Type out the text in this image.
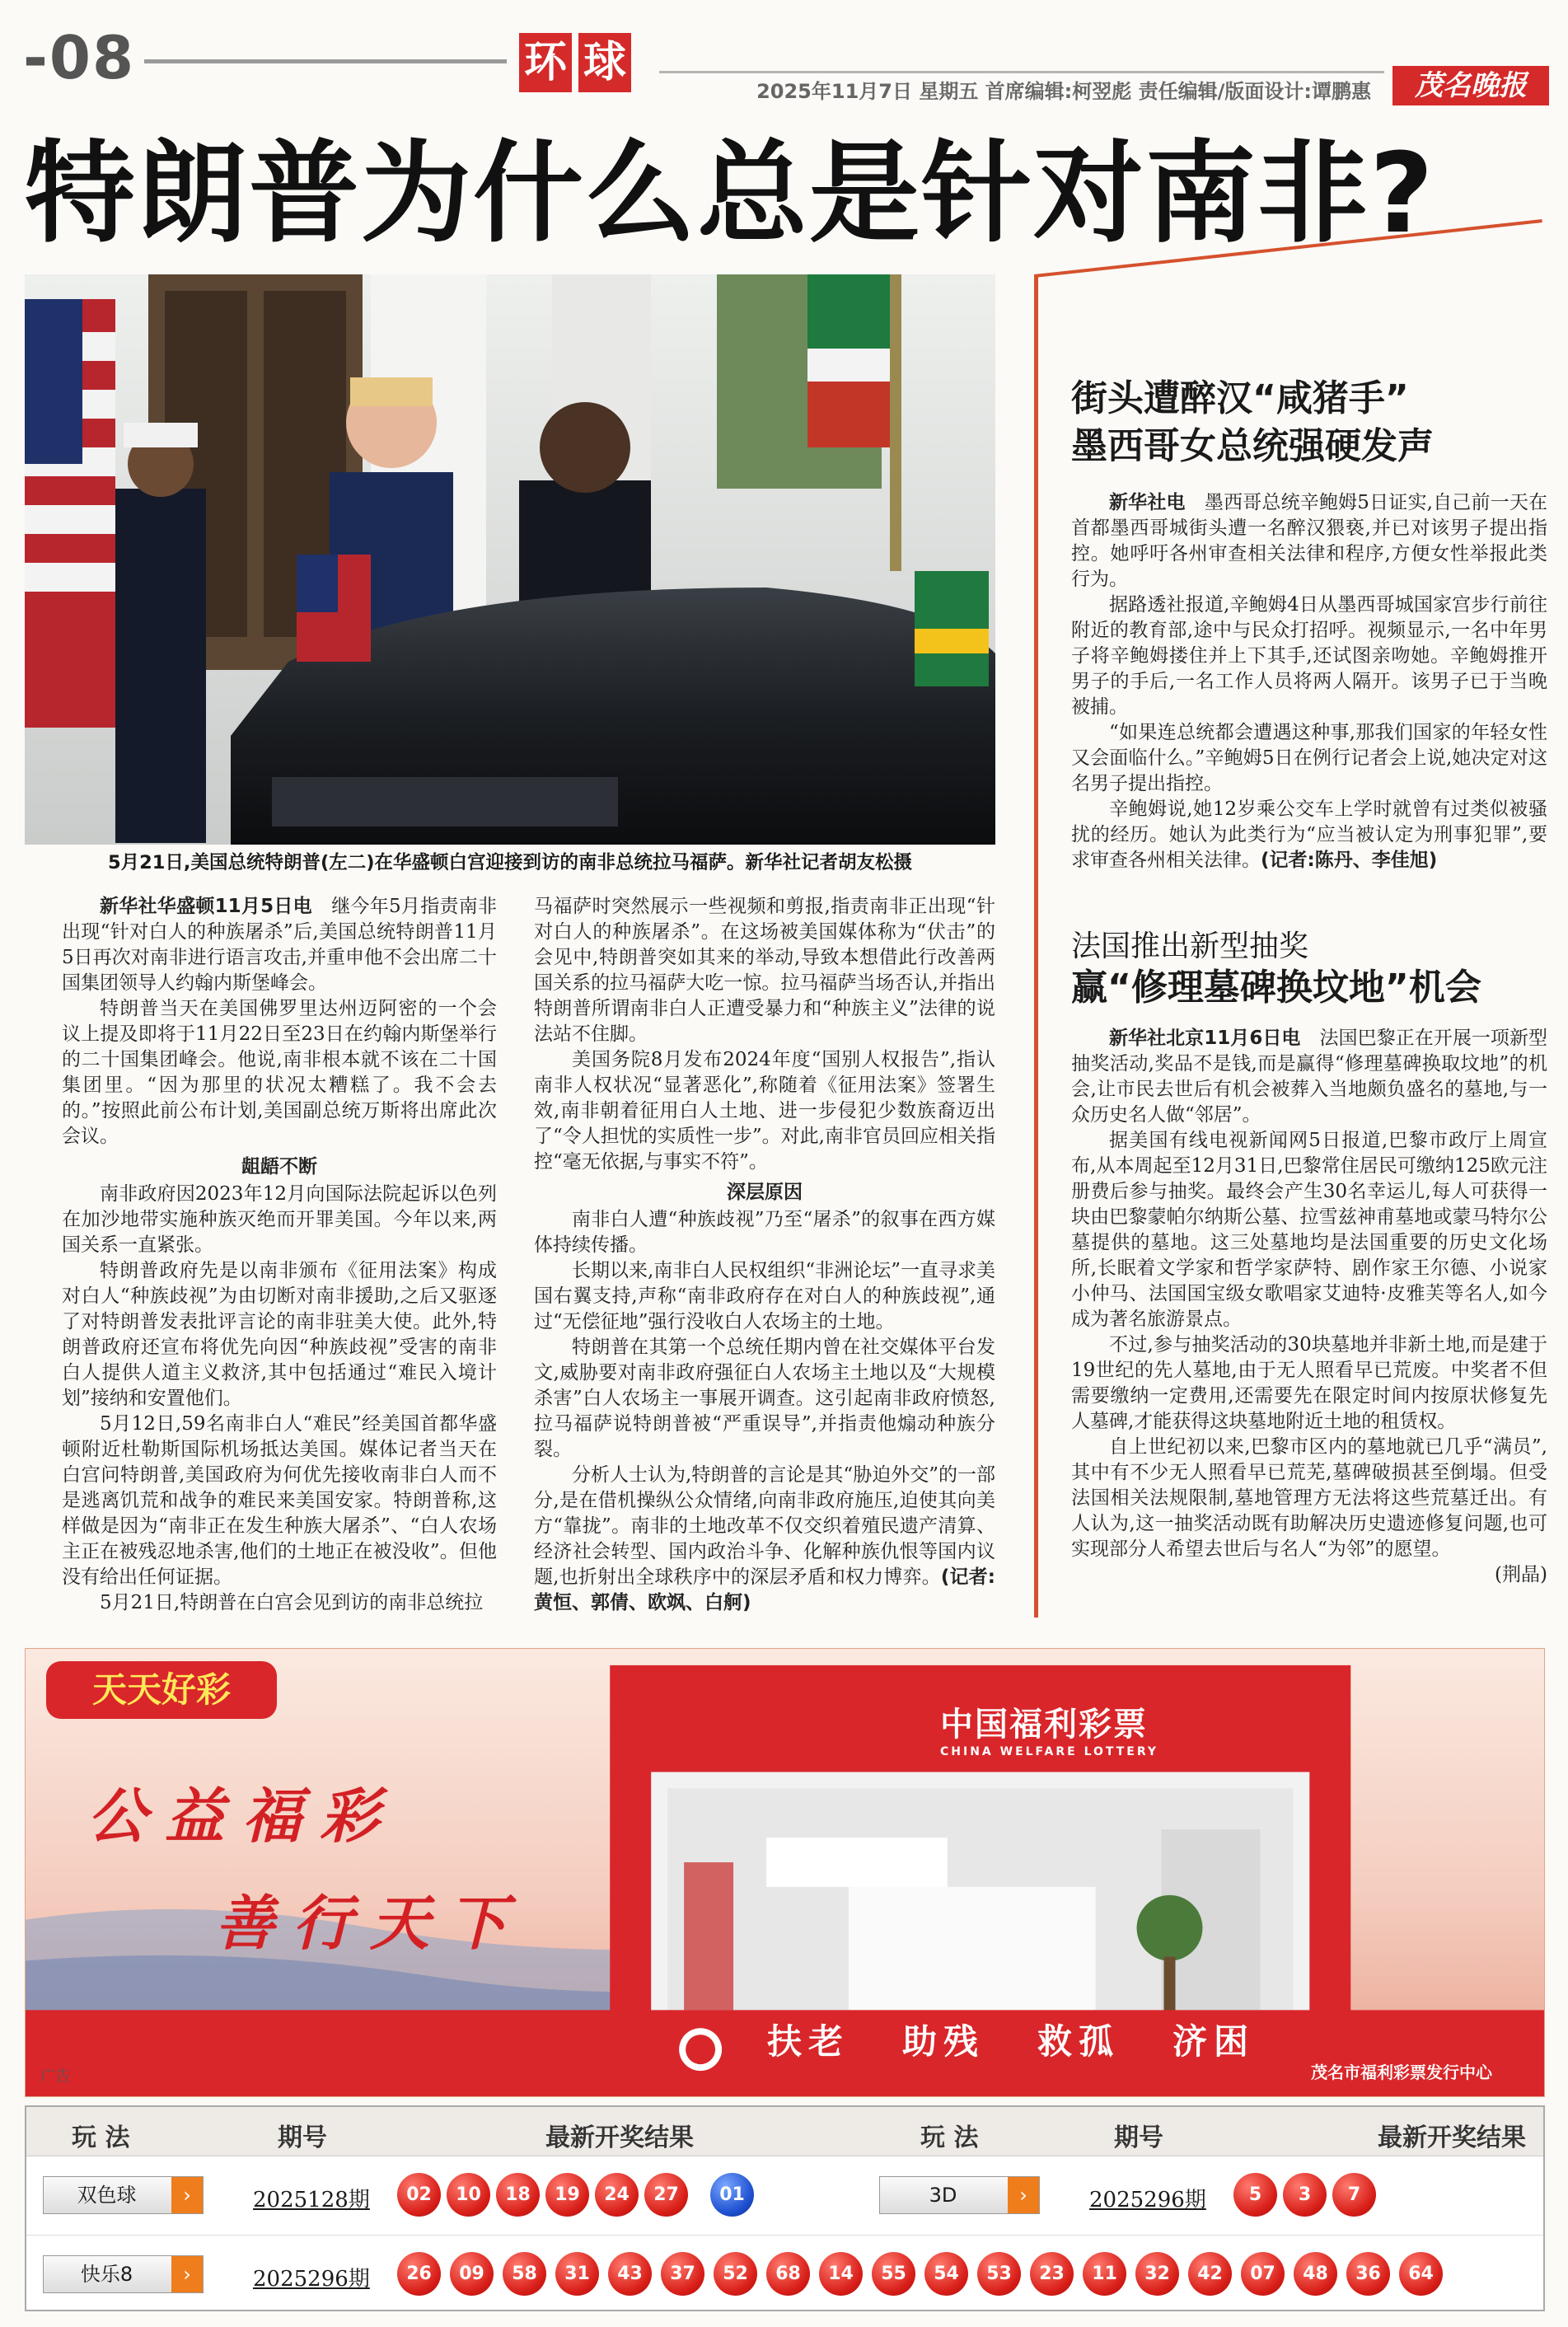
-08	环 球
2025年11月7日 星期五 首席编辑:柯翌彪 责任编辑/版面设计:谭鹏惠	茂名晚报
特朗普为什么总是针对南非?
5月21日,美国总统特朗普(左二)在华盛顿白宫迎接到访的南非总统拉马福萨。新华社记者胡友松摄

新华社华盛顿11月5日电  继今年5月指责南非出现“针对白人的种族屠杀”后,美国总统特朗普11月5日再次对南非进行语言攻击,并重申他不会出席二十国集团领导人约翰内斯堡峰会。

特朗普当天在美国佛罗里达州迈阿密的一个会议上提及即将于11月22日至23日在约翰内斯堡举行的二十国集团峰会。他说,南非根本就不该在二十国集团里。“因为那里的状况太糟糕了。我不会去的。”按照此前公布计划,美国副总统万斯将出席此次会议。

龃龉不断

南非政府因2023年12月向国际法院起诉以色列在加沙地带实施种族灭绝而开罪美国。今年以来,两国关系一直紧张。

特朗普政府先是以南非颁布《征用法案》构成对白人“种族歧视”为由切断对南非援助,之后又驱逐了对特朗普发表批评言论的南非驻美大使。此外,特朗普政府还宣布将优先向因“种族歧视”受害的南非白人提供人道主义救济,其中包括通过“难民入境计划”接纳和安置他们。

5月12日,59名南非白人“难民”经美国首都华盛顿附近杜勒斯国际机场抵达美国。媒体记者当天在白宫问特朗普,美国政府为何优先接收南非白人而不是逃离饥荒和战争的难民来美国安家。特朗普称,这样做是因为“南非正在发生种族大屠杀”、“白人农场主正在被残忍地杀害,他们的土地正在被没收”。但他没有给出任何证据。

5月21日,特朗普在白宫会见到访的南非总统拉

马福萨时突然展示一些视频和剪报,指责南非正出现“针对白人的种族屠杀”。在这场被美国媒体称为“伏击”的会见中,特朗普突如其来的举动,导致本想借此行改善两国关系的拉马福萨大吃一惊。拉马福萨当场否认,并指出特朗普所谓南非白人正遭受暴力和“种族主义”法律的说法站不住脚。

美国务院8月发布2024年度“国别人权报告”,指认南非人权状况“显著恶化”,称随着《征用法案》签署生效,南非朝着征用白人土地、进一步侵犯少数族裔迈出了“令人担忧的实质性一步”。对此,南非官员回应相关指控“毫无依据,与事实不符”。

深层原因

南非白人遭“种族歧视”乃至“屠杀”的叙事在西方媒体持续传播。

长期以来,南非白人民权组织“非洲论坛”一直寻求美国右翼支持,声称“南非政府存在对白人的种族歧视”,通过“无偿征地”强行没收白人农场主的土地。

特朗普在其第一个总统任期内曾在社交媒体平台发文,威胁要对南非政府强征白人农场主土地以及“大规模杀害”白人农场主一事展开调查。这引起南非政府愤怒,拉马福萨说特朗普被“严重误导”,并指责他煽动种族分裂。

分析人士认为,特朗普的言论是其“胁迫外交”的一部分,是在借机操纵公众情绪,向南非政府施压,迫使其向美方“靠拢”。南非的土地改革不仅交织着殖民遗产清算、经济社会转型、国内政治斗争、化解种族仇恨等国内议题,也折射出全球秩序中的深层矛盾和权力博弈。(记者:黄恒、郭倩、欧飒、白舸)

街头遭醉汉“咸猪手”
墨西哥女总统强硬发声

新华社电  墨西哥总统辛鲍姆5日证实,自己前一天在首都墨西哥城街头遭一名醉汉猥亵,并已对该男子提出指控。她呼吁各州审查相关法律和程序,方便女性举报此类行为。

据路透社报道,辛鲍姆4日从墨西哥城国家宫步行前往附近的教育部,途中与民众打招呼。视频显示,一名中年男子将辛鲍姆搂住并上下其手,还试图亲吻她。辛鲍姆推开男子的手后,一名工作人员将两人隔开。该男子已于当晚被捕。

“如果连总统都会遭遇这种事,那我们国家的年轻女性又会面临什么。”辛鲍姆5日在例行记者会上说,她决定对这名男子提出指控。

辛鲍姆说,她12岁乘公交车上学时就曾有过类似被骚扰的经历。她认为此类行为“应当被认定为刑事犯罪”,要求审查各州相关法律。(记者:陈丹、李佳旭)

法国推出新型抽奖
赢“修理墓碑换坟地”机会

新华社北京11月6日电  法国巴黎正在开展一项新型抽奖活动,奖品不是钱,而是赢得“修理墓碑换取坟地”的机会,让市民去世后有机会被葬入当地颇负盛名的墓地,与一众历史名人做“邻居”。

据美国有线电视新闻网5日报道,巴黎市政厅上周宣布,从本周起至12月31日,巴黎常住居民可缴纳125欧元注册费后参与抽奖。最终会产生30名幸运儿,每人可获得一块由巴黎蒙帕尔纳斯公墓、拉雪兹神甫墓地或蒙马特尔公墓提供的墓地。这三处墓地均是法国重要的历史文化场所,长眠着文学家和哲学家萨特、剧作家王尔德、小说家小仲马、法国国宝级女歌唱家艾迪特·皮雅芙等名人,如今成为著名旅游景点。

不过,参与抽奖活动的30块墓地并非新土地,而是建于19世纪的先人墓地,由于无人照看早已荒废。中奖者不但需要缴纳一定费用,还需要先在限定时间内按原状修复先人墓碑,才能获得这块墓地附近土地的租赁权。

自上世纪初以来,巴黎市区内的墓地就已几乎“满员”,其中有不少无人照看早已荒芜,墓碑破损甚至倒塌。但受法国相关法规限制,墓地管理方无法将这些荒墓迁出。有人认为,这一抽奖活动既有助解决历史遗迹修复问题,也可实现部分人希望去世后与名人“为邻”的愿望。

(荆晶)

天天好彩
公益福彩
善行天下
中国福利彩票
CHINA WELFARE LOTTERY
扶老 助残 救孤 济困
广告	茂名市福利彩票发行中心
玩 法	期号	最新开奖结果	玩 法	期号	最新开奖结果
双色球	›	2025128期	02	10	18	19	24	27	01	3D	›	2025296期	5	3	7
快乐8	›	2025296期	26	09	58	31	43	37	52	68	14	55	54	53	23	11	32	42	07	48	36	64
